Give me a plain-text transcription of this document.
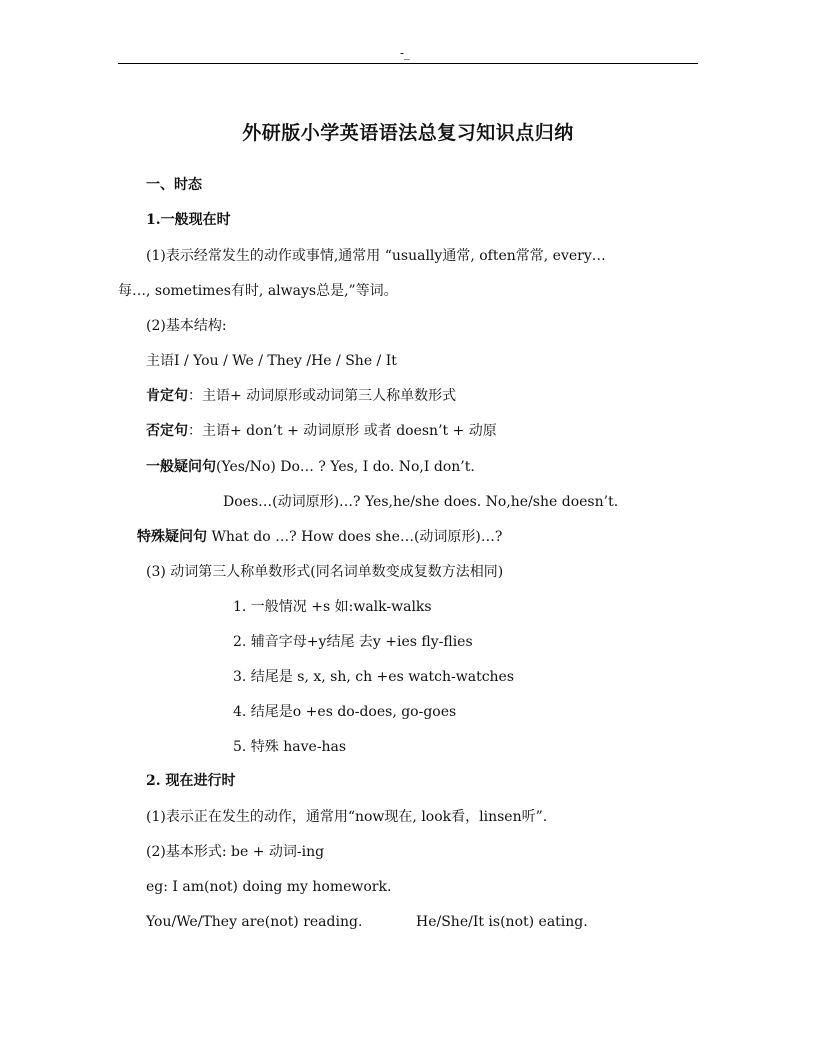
-_
外研版小学英语语法总复习知识点归纳
一、时态
1.一般现在时
(1)表示经常发生的动作或事情,通常用 “usually通常, often常常, every…
每…, sometimes有时, always总是,”等词。
(2)基本结构:
主语I / You / We / They /He / She / It
肯定句：主语+ 动词原形或动词第三人称单数形式
否定句：主语+ don’t + 动词原形 或者 doesn’t + 动原
一般疑问句(Yes/No) Do… ? Yes, I do. No,I don’t.
Does…(动词原形)…? Yes,he/she does. No,he/she doesn’t.
特殊疑问句 What do …? How does she…(动词原形)…?
(3) 动词第三人称单数形式(同名词单数变成复数方法相同)
1. 一般情况 +s 如:walk-walks
2. 辅音字母+y结尾 去y +ies fly-flies
3. 结尾是 s, x, sh, ch +es watch-watches
4. 结尾是o +es do-does, go-goes
5. 特殊 have-has
2. 现在进行时
(1)表示正在发生的动作，通常用“now现在, look看，linsen听”.
(2)基本形式: be + 动词-ing
eg: I am(not) doing my homework.
You/We/They are(not) reading.	He/She/It is(not) eating.
